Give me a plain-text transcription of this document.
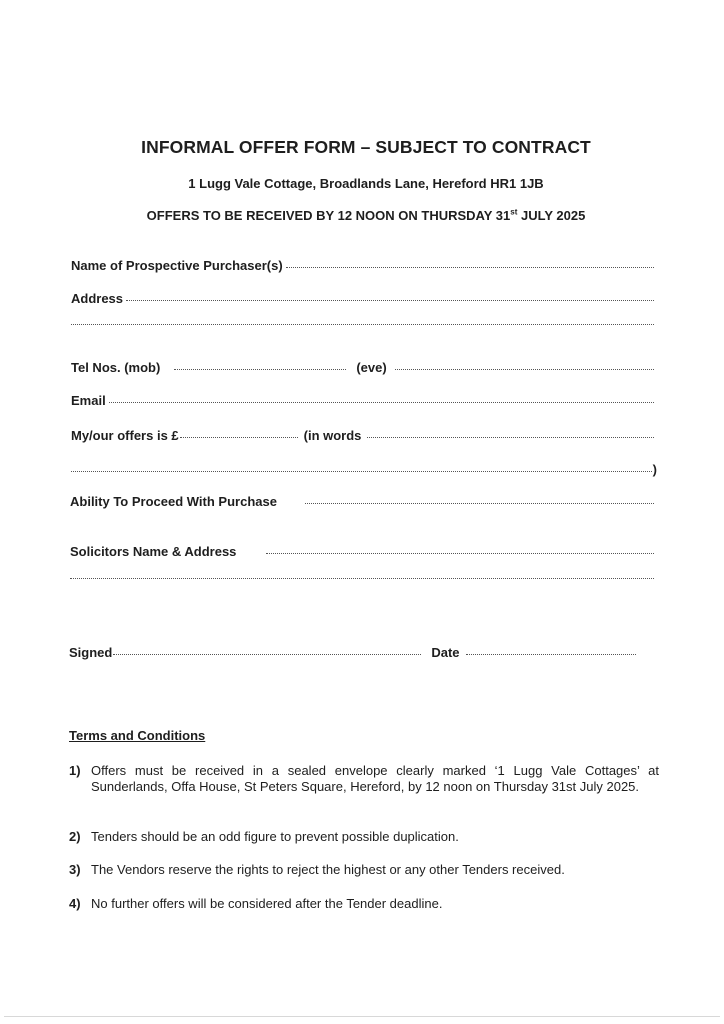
INFORMAL OFFER FORM – SUBJECT TO CONTRACT
1 Lugg Vale Cottage, Broadlands Lane, Hereford HR1 1JB
OFFERS TO BE RECEIVED BY 12 NOON ON THURSDAY 31st JULY 2025
Name of Prospective Purchaser(s)
Address
Tel Nos. (mob)	(eve)
Email
My/our offers is £	(in words
)
Ability To Proceed With Purchase
Solicitors Name & Address
Signed	Date
Terms and Conditions
1) Offers must be received in a sealed envelope clearly marked ‘1 Lugg Vale Cottages’ at Sunderlands, Offa House, St Peters Square, Hereford, by 12 noon on Thursday 31st July 2025.
2) Tenders should be an odd figure to prevent possible duplication.
3) The Vendors reserve the rights to reject the highest or any other Tenders received.
4) No further offers will be considered after the Tender deadline.
